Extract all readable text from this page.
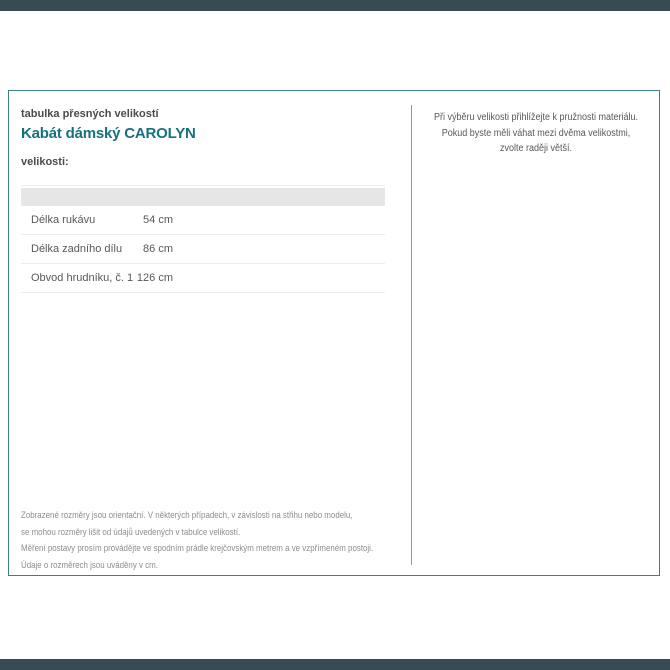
tabulka přesných velikostí
Kabát dámský CAROLYN
velikosti:
Délka rukávu	54 cm
Délka zadního dílu	86 cm
Obvod hrudníku, č. 1 126 cm
Zobrazené rozměry jsou orientační. V některých případech, v závislosti na střihu nebo modelu,
se mohou rozměry lišit od údajů uvedených v tabulce velikostí.
Měření postavy prosím provádějte ve spodním prádle krejčovským metrem a ve vzpřímeném postoji.
Údaje o rozměrech jsou uváděny v cm.
Při výběru velikosti přihlížejte k pružnosti materiálu.
Pokud byste měli váhat mezi dvěma velikostmi,
zvolte raději větší.
